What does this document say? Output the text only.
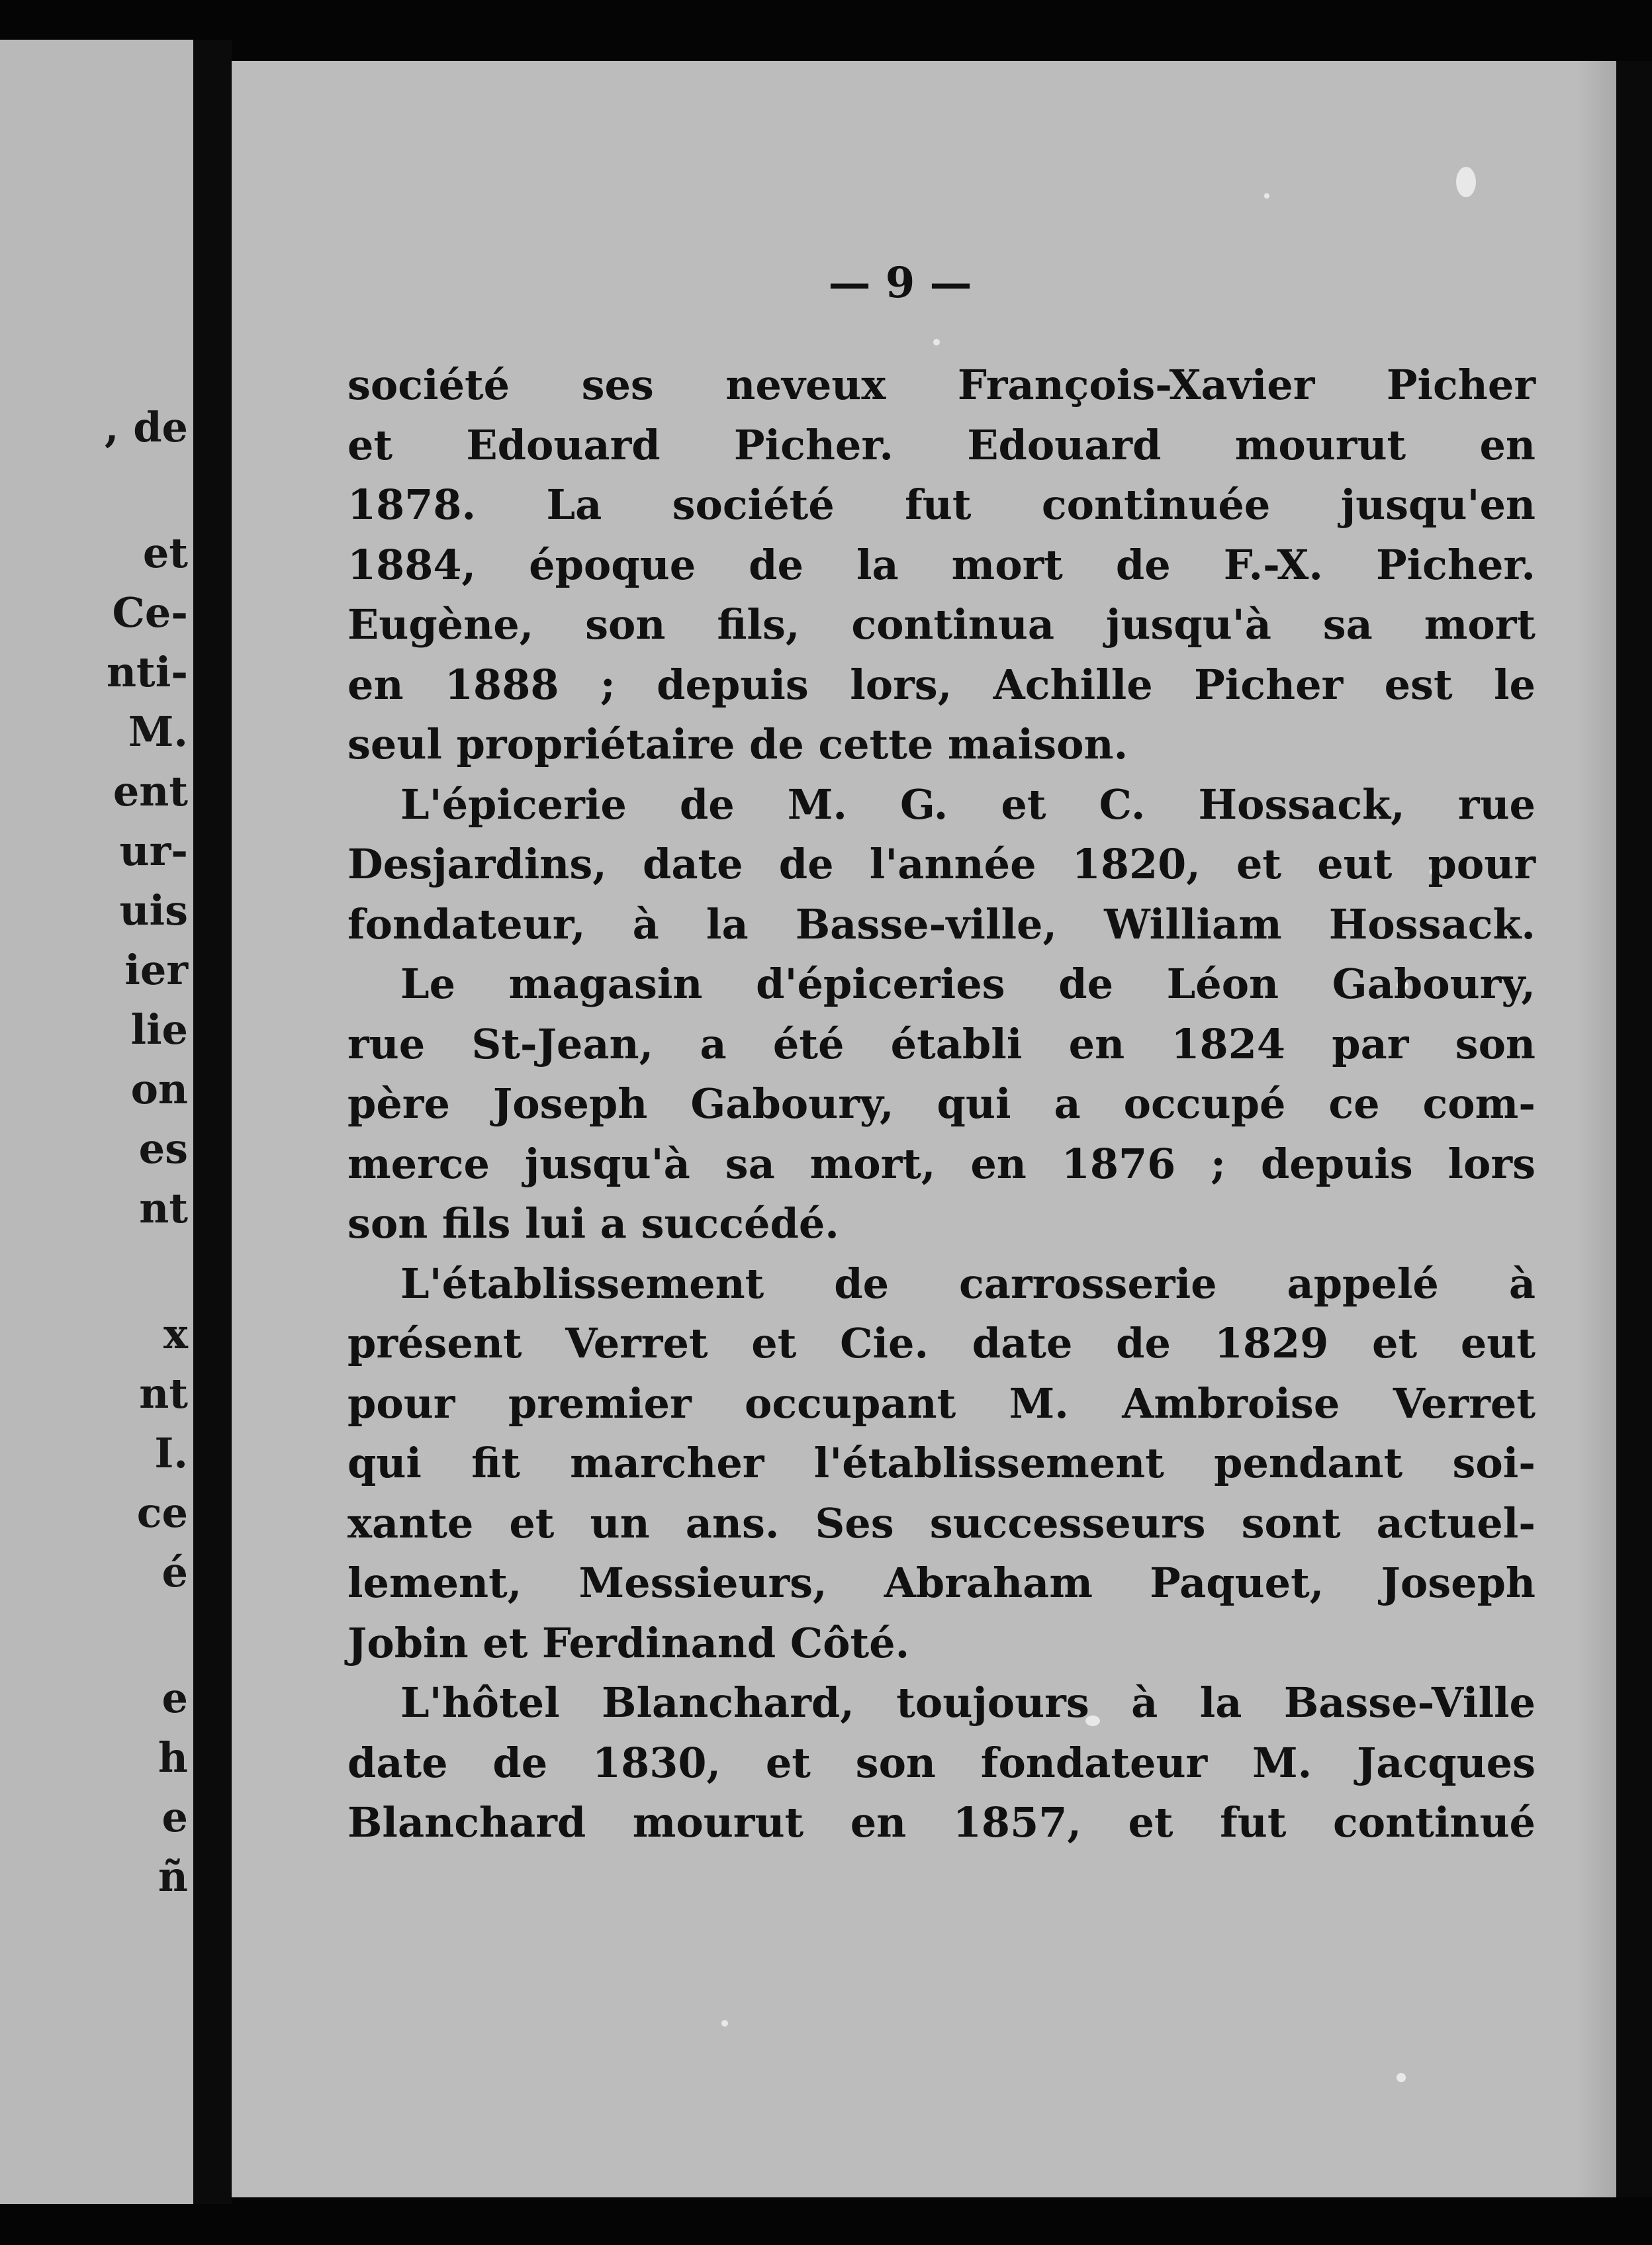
, de
et
Ce-
nti-
M.
ent
ur-
uis
ier
lie
on
es
nt
x
nt
I.
ce
é
e
h
e
ñ
— 9 —
société ses neveux François-Xavier Picher
et Edouard Picher. Edouard mourut en
1878. La société fut continuée jusqu'en
1884, époque de la mort de F.-X. Picher.
Eugène, son fils, continua jusqu'à sa mort
en 1888 ; depuis lors, Achille Picher est le
seul propriétaire de cette maison.
L'épicerie de M. G. et C. Hossack, rue
Desjardins, date de l'année 1820, et eut pour
fondateur, à la Basse-ville, William Hossack.
Le magasin d'épiceries de Léon Gaboury,
rue St-Jean, a été établi en 1824 par son
père Joseph Gaboury, qui a occupé ce com-
merce jusqu'à sa mort, en 1876 ; depuis lors
son fils lui a succédé.
L'établissement de carrosserie appelé à
présent Verret et Cie. date de 1829 et eut
pour premier occupant M. Ambroise Verret
qui fit marcher l'établissement pendant soi-
xante et un ans. Ses successeurs sont actuel-
lement, Messieurs, Abraham Paquet, Joseph
Jobin et Ferdinand Côté.
L'hôtel Blanchard, toujours à la Basse-Ville
date de 1830, et son fondateur M. Jacques
Blanchard mourut en 1857, et fut continué
